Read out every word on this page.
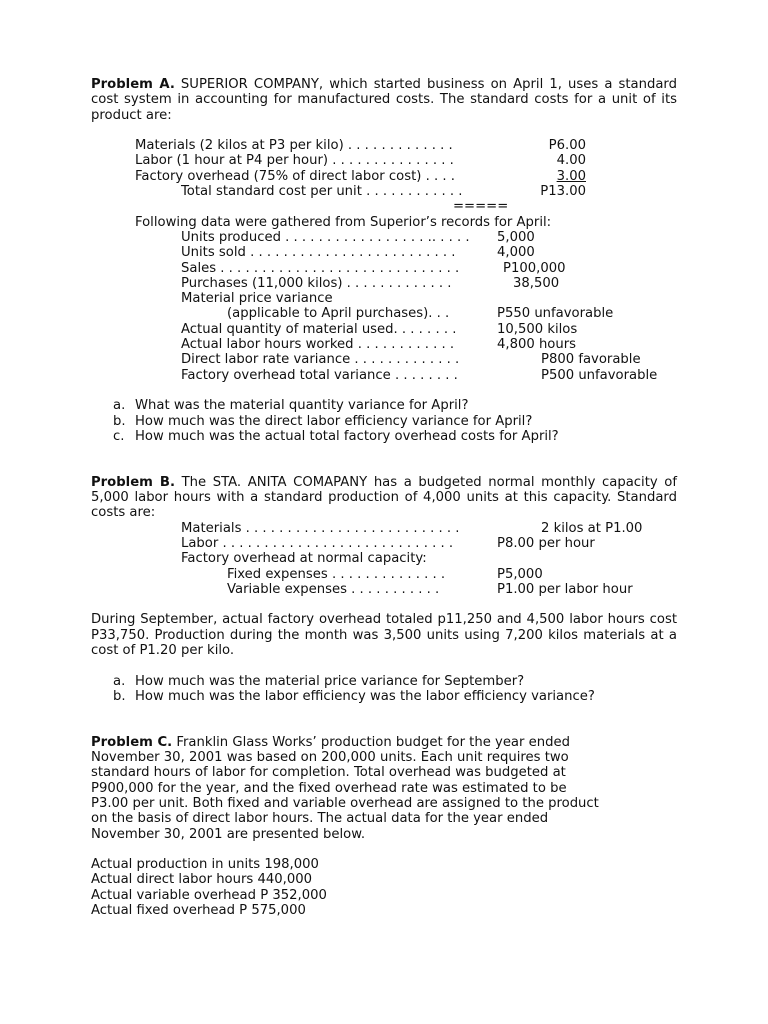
Problem A. SUPERIOR COMPANY, which started business on April 1, uses a standard cost system in accounting for manufactured costs. The standard costs for a unit of its product are:

Materials (2 kilos at P3 per kilo) . . . . . . . . . . . . .	P6.00
Labor (1 hour at P4 per hour) . . . . . . . . . . . . . . .	4.00
Factory overhead (75% of direct labor cost) . . . .	3.00
Total standard cost per unit . . . . . . . . . . . .	P13.00
=====
Following data were gathered from Superior’s records for April:
Units produced . . . . . . . . . . . . . . . . . .. . . . . 5,000
Units sold . . . . . . . . . . . . . . . . . . . . . . . . .	4,000
Sales . . . . . . . . . . . . . . . . . . . . . . . . . . . . .	P100,000
Purchases (11,000 kilos) . . . . . . . . . . . . .	38,500
Material price variance
(applicable to April purchases). . .	P550 unfavorable
Actual quantity of material used. . . . . . . .	10,500 kilos
Actual labor hours worked . . . . . . . . . . . .	4,800 hours
Direct labor rate variance . . . . . . . . . . . . .	P800 favorable
Factory overhead total variance . . . . . . . .	P500 unfavorable
a. What was the material quantity variance for April?
b. How much was the direct labor efficiency variance for April?
c. How much was the actual total factory overhead costs for April?

Problem B. The STA. ANITA COMAPANY has a budgeted normal monthly capacity of 5,000 labor hours with a standard production of 4,000 units at this capacity. Standard costs are:

Materials . . . . . . . . . . . . . . . . . . . . . . . . . .	2 kilos at P1.00
Labor . . . . . . . . . . . . . . . . . . . . . . . . . . . .	P8.00 per hour
Factory overhead at normal capacity:
Fixed expenses . . . . . . . . . . . . . .	P5,000
Variable expenses . . . . . . . . . . .	P1.00 per labor hour

During September, actual factory overhead totaled p11,250 and 4,500 labor hours cost P33,750. Production during the month was 3,500 units using 7,200 kilos materials at a cost of P1.20 per kilo.

a. How much was the material price variance for September?
b. How much was the labor efficiency was the labor efficiency variance?

Problem C. Franklin Glass Works’ production budget for the year ended

November 30, 2001 was based on 200,000 units. Each unit requires two

standard hours of labor for completion. Total overhead was budgeted at

P900,000 for the year, and the fixed overhead rate was estimated to be

P3.00 per unit. Both fixed and variable overhead are assigned to the product

on the basis of direct labor hours. The actual data for the year ended

November 30, 2001 are presented below.

Actual production in units 198,000

Actual direct labor hours 440,000

Actual variable overhead P 352,000

Actual fixed overhead P 575,000
